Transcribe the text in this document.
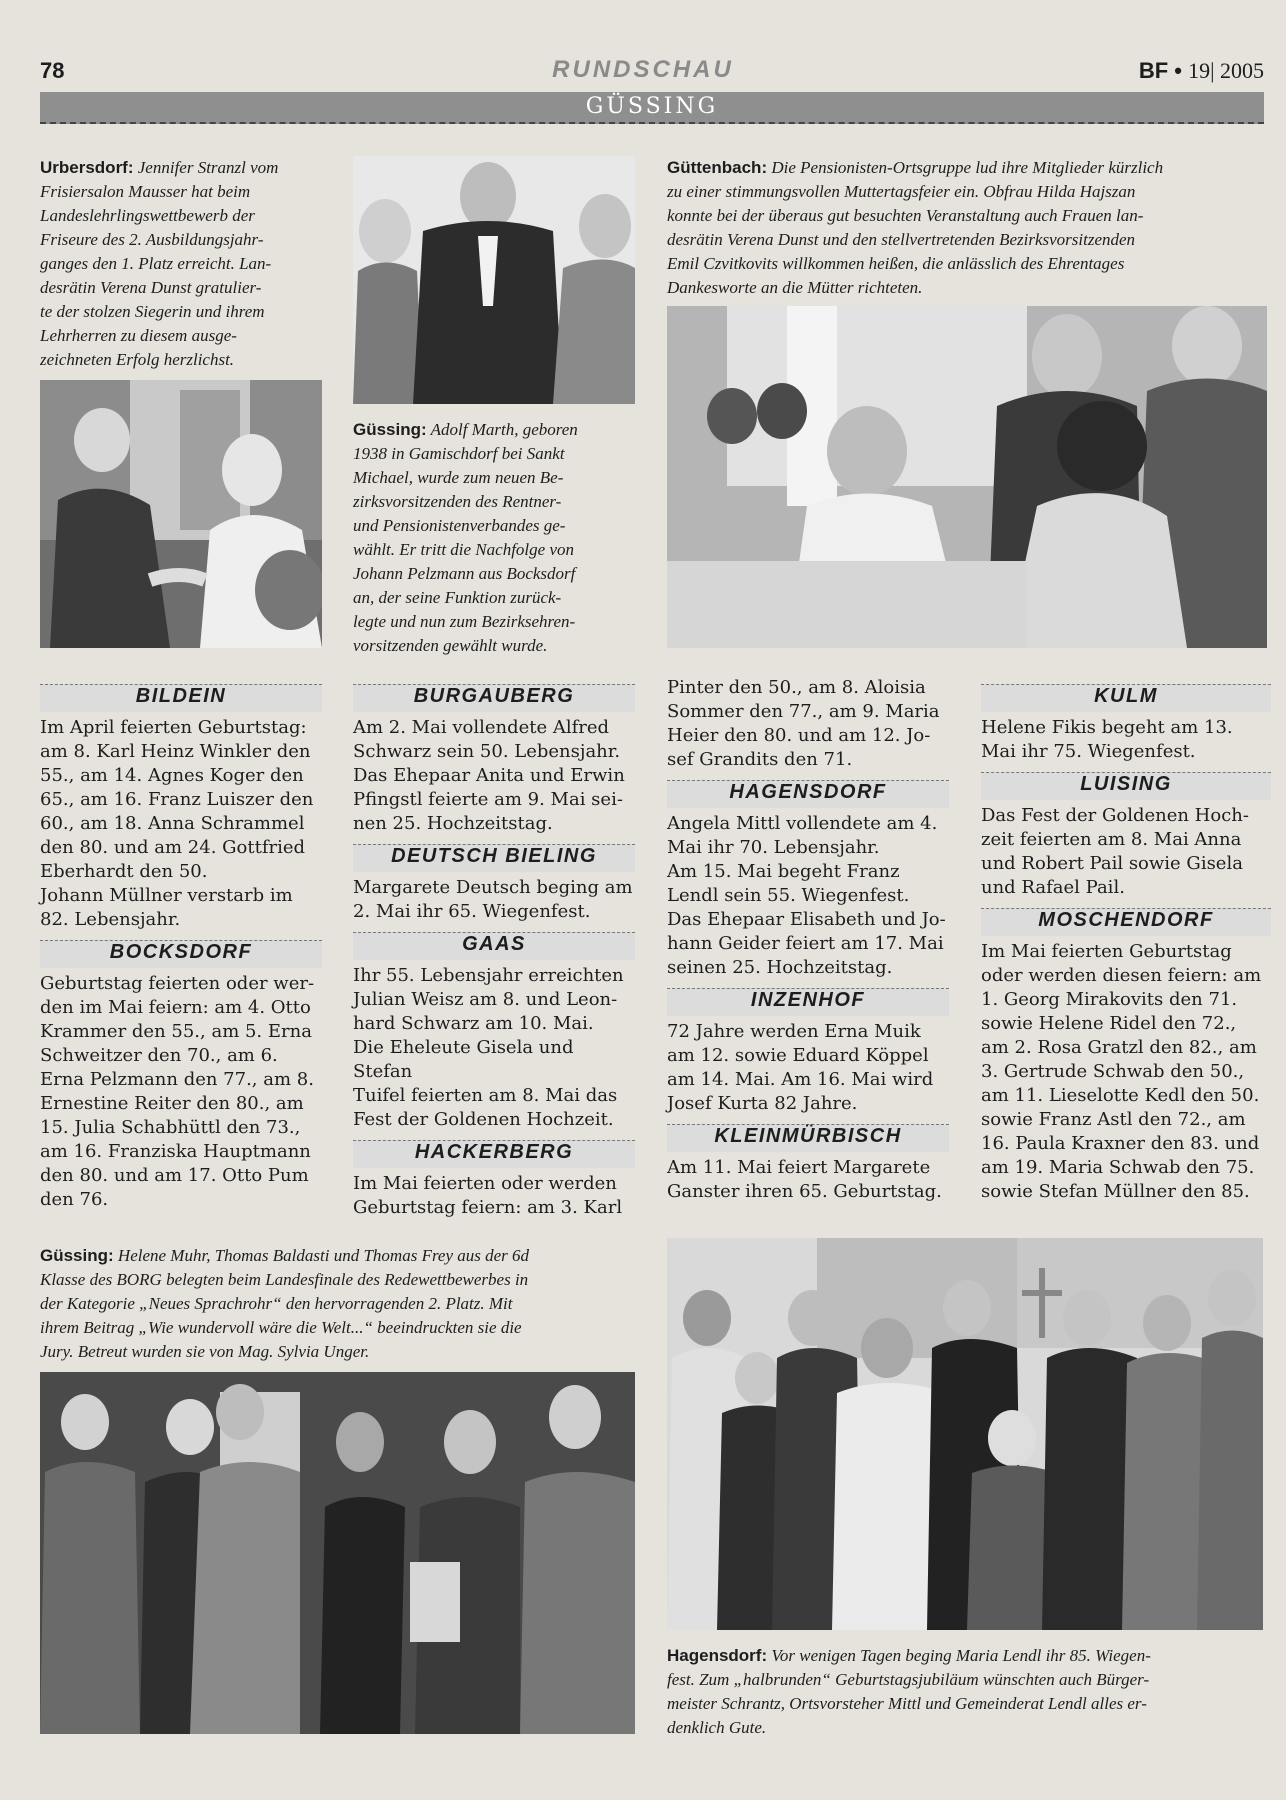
78	RUNDSCHAU	BF • 19| 2005
GÜSSING
Urbersdorf: Jennifer Stranzl vom
Frisiersalon Mausser hat beim
Landeslehrlingswettbewerb der
Friseure des 2. Ausbildungsjahr-
ganges den 1. Platz erreicht. Lan-
desrätin Verena Dunst gratulier-
te der stolzen Siegerin und ihrem
Lehrherren zu diesem ausge-
zeichneten Erfolg herzlichst.
Güssing: Adolf Marth, geboren
1938 in Gamischdorf bei Sankt
Michael, wurde zum neuen Be-
zirksvorsitzenden des Rentner-
und Pensionistenverbandes ge-
wählt. Er tritt die Nachfolge von
Johann Pelzmann aus Bocksdorf
an, der seine Funktion zurück-
legte und nun zum Bezirksehren-
vorsitzenden gewählt wurde.
Güttenbach: Die Pensionisten-Ortsgruppe lud ihre Mitglieder kürzlich
zu einer stimmungsvollen Muttertagsfeier ein. Obfrau Hilda Hajszan
konnte bei der überaus gut besuchten Veranstaltung auch Frauen lan-
desrätin Verena Dunst und den stellvertretenden Bezirksvorsitzenden
Emil Czvitkovits willkommen heißen, die anlässlich des Ehrentages
Dankesworte an die Mütter richteten.
BILDEIN
Im April feierten Geburtstag:
am 8. Karl Heinz Winkler den
55., am 14. Agnes Koger den
65., am 16. Franz Luiszer den
60., am 18. Anna Schrammel
den 80. und am 24. Gottfried
Eberhardt den 50.
Johann Müllner verstarb im
82. Lebensjahr.
BOCKSDORF
Geburtstag feierten oder wer-
den im Mai feiern: am 4. Otto
Krammer den 55., am 5. Erna
Schweitzer den 70., am 6.
Erna Pelzmann den 77., am 8.
Ernestine Reiter den 80., am
15. Julia Schabhüttl den 73.,
am 16. Franziska Hauptmann
den 80. und am 17. Otto Pum
den 76.
BURGAUBERG
Am 2. Mai vollendete Alfred
Schwarz sein 50. Lebensjahr.
Das Ehepaar Anita und Erwin
Pfingstl feierte am 9. Mai sei-
nen 25. Hochzeitstag.
DEUTSCH BIELING
Margarete Deutsch beging am
2. Mai ihr 65. Wiegenfest.
GAAS
Ihr 55. Lebensjahr erreichten
Julian Weisz am 8. und Leon-
hard Schwarz am 10. Mai.
Die Eheleute Gisela und Stefan
Tuifel feierten am 8. Mai das
Fest der Goldenen Hochzeit.
HACKERBERG
Im Mai feierten oder werden
Geburtstag feiern: am 3. Karl
Pinter den 50., am 8. Aloisia
Sommer den 77., am 9. Maria
Heier den 80. und am 12. Jo-
sef Grandits den 71.
HAGENSDORF
Angela Mittl vollendete am 4.
Mai ihr 70. Lebensjahr.
Am 15. Mai begeht Franz
Lendl sein 55. Wiegenfest.
Das Ehepaar Elisabeth und Jo-
hann Geider feiert am 17. Mai
seinen 25. Hochzeitstag.
INZENHOF
72 Jahre werden Erna Muik
am 12. sowie Eduard Köppel
am 14. Mai. Am 16. Mai wird
Josef Kurta 82 Jahre.
KLEINMÜRBISCH
Am 11. Mai feiert Margarete
Ganster ihren 65. Geburtstag.
KULM
Helene Fikis begeht am 13.
Mai ihr 75. Wiegenfest.
LUISING
Das Fest der Goldenen Hoch-
zeit feierten am 8. Mai Anna
und Robert Pail sowie Gisela
und Rafael Pail.
MOSCHENDORF
Im Mai feierten Geburtstag
oder werden diesen feiern: am
1. Georg Mirakovits den 71.
sowie Helene Ridel den 72.,
am 2. Rosa Gratzl den 82., am
3. Gertrude Schwab den 50.,
am 11. Lieselotte Kedl den 50.
sowie Franz Astl den 72., am
16. Paula Kraxner den 83. und
am 19. Maria Schwab den 75.
sowie Stefan Müllner den 85.
Güssing: Helene Muhr, Thomas Baldasti und Thomas Frey aus der 6d
Klasse des BORG belegten beim Landesfinale des Redewettbewerbes in
der Kategorie „Neues Sprachrohr“ den hervorragenden 2. Platz. Mit
ihrem Beitrag „Wie wundervoll wäre die Welt...“ beeindruckten sie die
Jury. Betreut wurden sie von Mag. Sylvia Unger.
Hagensdorf: Vor wenigen Tagen beging Maria Lendl ihr 85. Wiegen-
fest. Zum „halbrunden“ Geburtstagsjubiläum wünschten auch Bürger-
meister Schrantz, Ortsvorsteher Mittl und Gemeinderat Lendl alles er-
denklich Gute.
